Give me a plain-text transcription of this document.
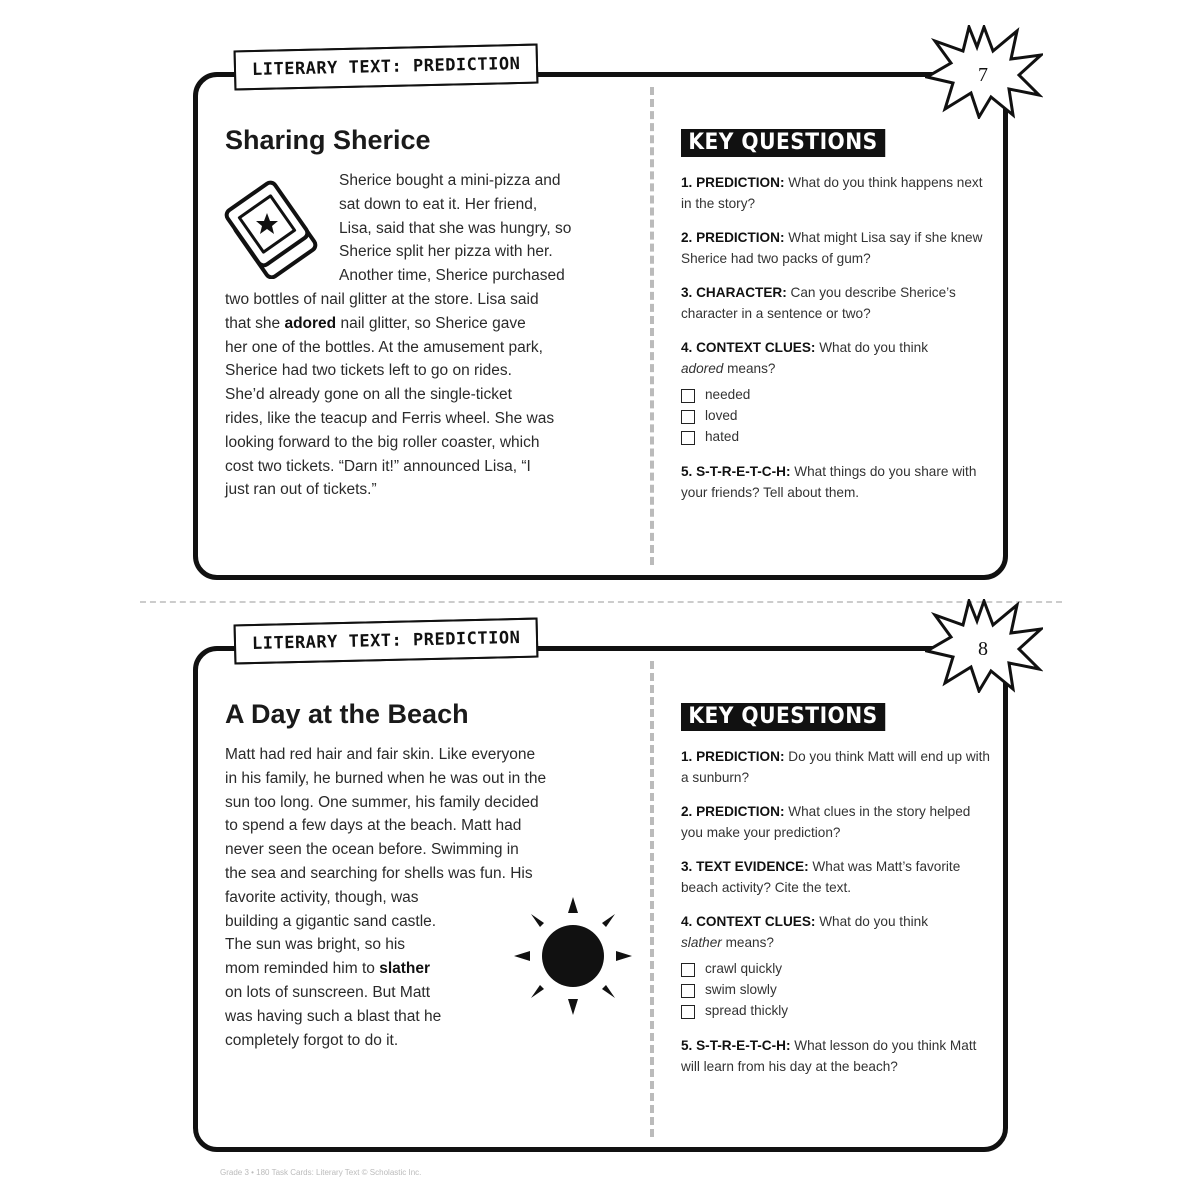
LITERARY TEXT: PREDICTION	7
Sharing Sherice
Sherice bought a mini-pizza and
sat down to eat it. Her friend,
Lisa, said that she was hungry, so
Sherice split her pizza with her.
Another time, Sherice purchased
two bottles of nail glitter at the store. Lisa said
that she adored nail glitter, so Sherice gave
her one of the bottles. At the amusement park,
Sherice had two tickets left to go on rides.
She’d already gone on all the single-ticket
rides, like the teacup and Ferris wheel. She was
looking forward to the big roller coaster, which
cost two tickets. “Darn it!” announced Lisa, “I
just ran out of tickets.”
KEY QUESTIONS
1. PREDICTION: What do you think happens next in the story?
2. PREDICTION: What might Lisa say if she knew Sherice had two packs of gum?
3. CHARACTER: Can you describe Sherice’s character in a sentence or two?
4. CONTEXT CLUES: What do you think
adored means?
needed
loved
hated
5. S-T-R-E-T-C-H: What things do you share with your friends? Tell about them.
LITERARY TEXT: PREDICTION	8
A Day at the Beach
Matt had red hair and fair skin. Like everyone
in his family, he burned when he was out in the
sun too long. One summer, his family decided
to spend a few days at the beach. Matt had
never seen the ocean before. Swimming in
the sea and searching for shells was fun. His
favorite activity, though, was
building a gigantic sand castle.
The sun was bright, so his
mom reminded him to slather
on lots of sunscreen. But Matt
was having such a blast that he
completely forgot to do it.
KEY QUESTIONS
1. PREDICTION: Do you think Matt will end up with a sunburn?
2. PREDICTION: What clues in the story helped you make your prediction?
3. TEXT EVIDENCE: What was Matt’s favorite beach activity? Cite the text.
4. CONTEXT CLUES: What do you think
slather means?
crawl quickly
swim slowly
spread thickly
5. S-T-R-E-T-C-H: What lesson do you think Matt will learn from his day at the beach?
Grade 3 • 180 Task Cards: Literary Text © Scholastic Inc.
